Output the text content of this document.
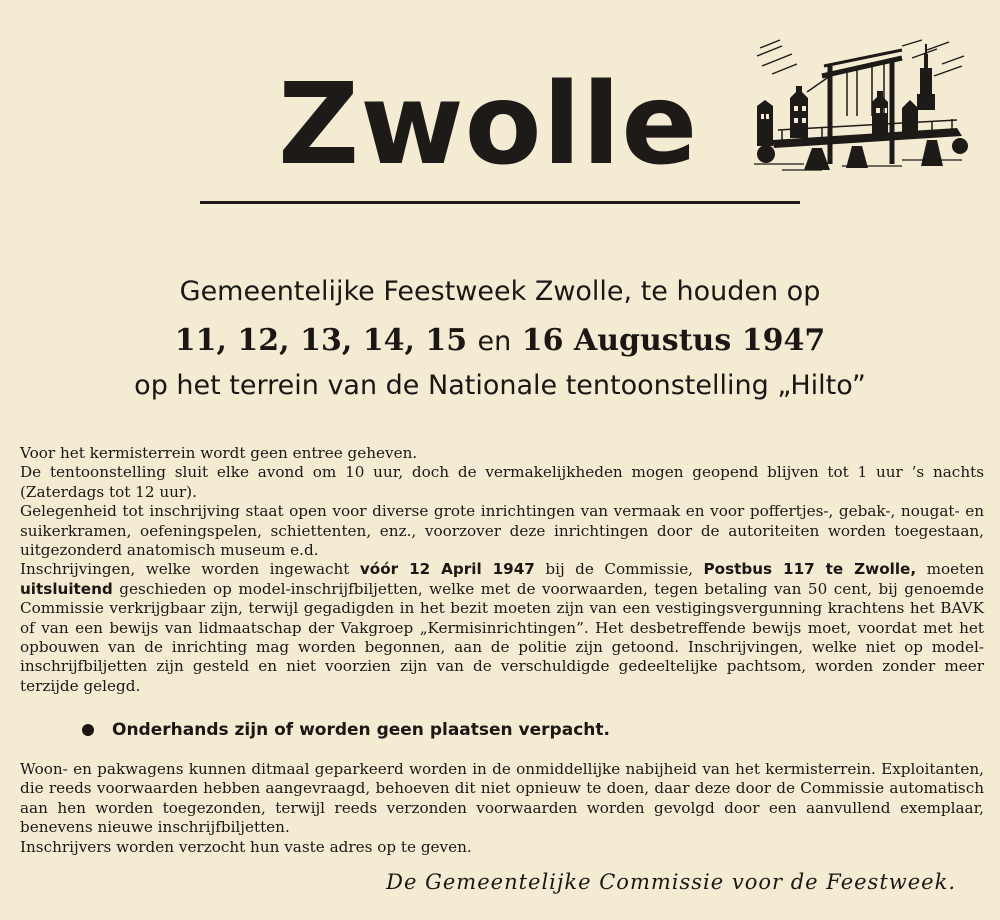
Zwolle
Gemeentelijke Feestweek Zwolle, te houden op
11, 12, 13, 14, 15 en 16 Augustus 1947
op het terrein van de Nationale tentoonstelling „Hilto”
Voor het kermisterrein wordt geen entree geheven.
De tentoonstelling sluit elke avond om 10 uur, doch de vermakelijkheden mogen geopend blijven tot 1 uur ’s nachts (Zaterdags tot 12 uur).
Gelegenheid tot inschrijving staat open voor diverse grote inrichtingen van vermaak en voor poffertjes-, gebak-, nougat- en suikerkramen, oefeningspelen, schiettenten, enz., voorzover deze inrichtingen door de autoriteiten worden toegestaan, uitgezonderd anatomisch museum e.d.
Inschrijvingen, welke worden ingewacht vóór 12 April 1947 bij de Commissie, Postbus 117 te Zwolle, moeten uitsluitend geschieden op model-inschrijfbiljetten, welke met de voorwaarden, tegen betaling van 50 cent, bij genoemde Commissie verkrijgbaar zijn, terwijl gegadigden in het bezit moeten zijn van een vestigingsvergunning krachtens het BAVK of van een bewijs van lidmaatschap der Vakgroep „Kermisinrichtingen”. Het desbetreffende bewijs moet, voordat met het opbouwen van de inrichting mag worden begonnen, aan de politie zijn getoond. Inschrijvingen, welke niet op model-inschrijfbiljetten zijn gesteld en niet voorzien zijn van de verschuldigde gedeeltelijke pachtsom, worden zonder meer terzijde gelegd.
Onderhands zijn of worden geen plaatsen verpacht.
Woon- en pakwagens kunnen ditmaal geparkeerd worden in de onmiddellijke nabijheid van het kermisterrein. Exploitanten, die reeds voorwaarden hebben aangevraagd, behoeven dit niet opnieuw te doen, daar deze door de Commissie automatisch aan hen worden toegezonden, terwijl reeds verzonden voorwaarden worden gevolgd door een aanvullend exemplaar, benevens nieuwe inschrijfbiljetten.
Inschrijvers worden verzocht hun vaste adres op te geven.
De Gemeentelijke Commissie voor de Feestweek.
